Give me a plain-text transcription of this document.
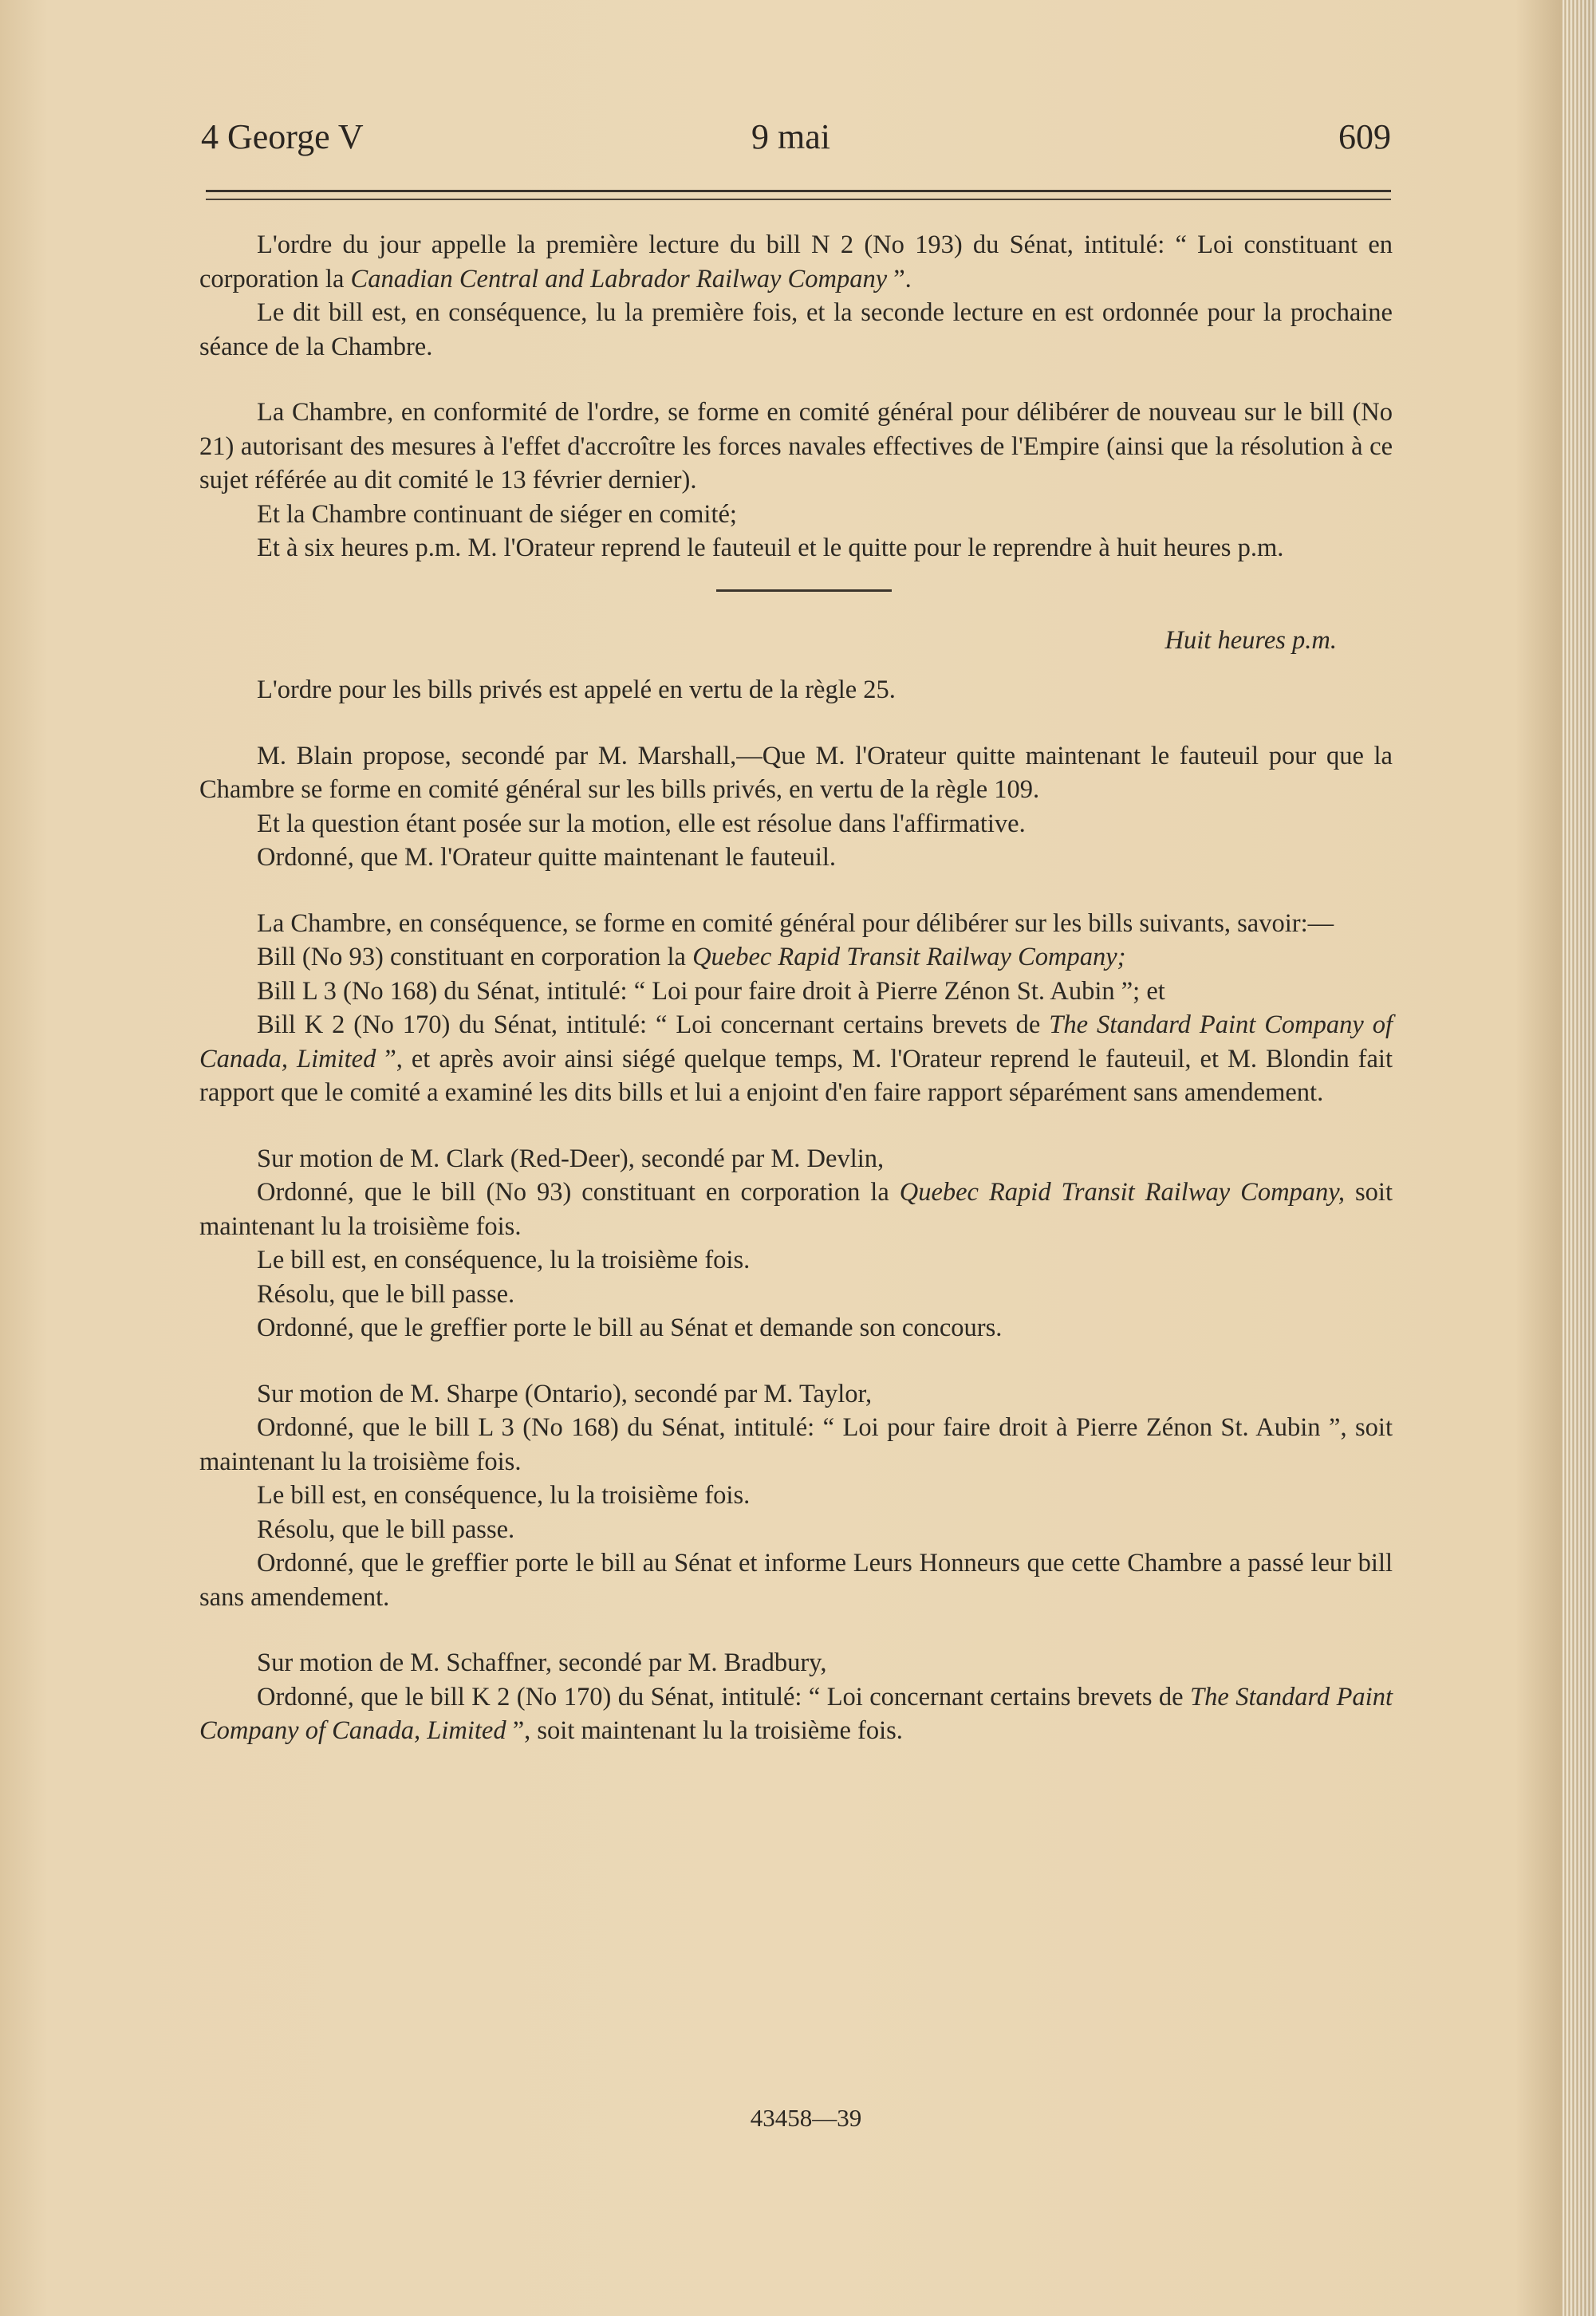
4 George V	9 mai	609

L'ordre du jour appelle la première lecture du bill N 2 (No 193) du Sénat, intitulé: “ Loi constituant en corporation la Canadian Central and Labrador Railway Company ”.

Le dit bill est, en conséquence, lu la première fois, et la seconde lecture en est ordonnée pour la prochaine séance de la Chambre.

La Chambre, en conformité de l'ordre, se forme en comité général pour délibérer de nouveau sur le bill (No 21) autorisant des mesures à l'effet d'accroître les forces navales effectives de l'Empire (ainsi que la résolution à ce sujet référée au dit comité le 13 février dernier).

Et la Chambre continuant de siéger en comité;

Et à six heures p.m. M. l'Orateur reprend le fauteuil et le quitte pour le reprendre à huit heures p.m.

Huit heures p.m.

L'ordre pour les bills privés est appelé en vertu de la règle 25.

M. Blain propose, secondé par M. Marshall,—Que M. l'Orateur quitte maintenant le fauteuil pour que la Chambre se forme en comité général sur les bills privés, en vertu de la règle 109.

Et la question étant posée sur la motion, elle est résolue dans l'affirmative.

Ordonné, que M. l'Orateur quitte maintenant le fauteuil.

La Chambre, en conséquence, se forme en comité général pour délibérer sur les bills suivants, savoir:—

Bill (No 93) constituant en corporation la Quebec Rapid Transit Railway Company;

Bill L 3 (No 168) du Sénat, intitulé: “ Loi pour faire droit à Pierre Zénon St. Aubin ”; et

Bill K 2 (No 170) du Sénat, intitulé: “ Loi concernant certains brevets de The Standard Paint Company of Canada, Limited ”, et après avoir ainsi siégé quelque temps, M. l'Orateur reprend le fauteuil, et M. Blondin fait rapport que le comité a examiné les dits bills et lui a enjoint d'en faire rapport séparément sans amendement.

Sur motion de M. Clark (Red-Deer), secondé par M. Devlin,

Ordonné, que le bill (No 93) constituant en corporation la Quebec Rapid Transit Railway Company, soit maintenant lu la troisième fois.

Le bill est, en conséquence, lu la troisième fois.

Résolu, que le bill passe.

Ordonné, que le greffier porte le bill au Sénat et demande son concours.

Sur motion de M. Sharpe (Ontario), secondé par M. Taylor,

Ordonné, que le bill L 3 (No 168) du Sénat, intitulé: “ Loi pour faire droit à Pierre Zénon St. Aubin ”, soit maintenant lu la troisième fois.

Le bill est, en conséquence, lu la troisième fois.

Résolu, que le bill passe.

Ordonné, que le greffier porte le bill au Sénat et informe Leurs Honneurs que cette Chambre a passé leur bill sans amendement.

Sur motion de M. Schaffner, secondé par M. Bradbury,

Ordonné, que le bill K 2 (No 170) du Sénat, intitulé: “ Loi concernant certains brevets de The Standard Paint Company of Canada, Limited ”, soit maintenant lu la troisième fois.

43458—39
